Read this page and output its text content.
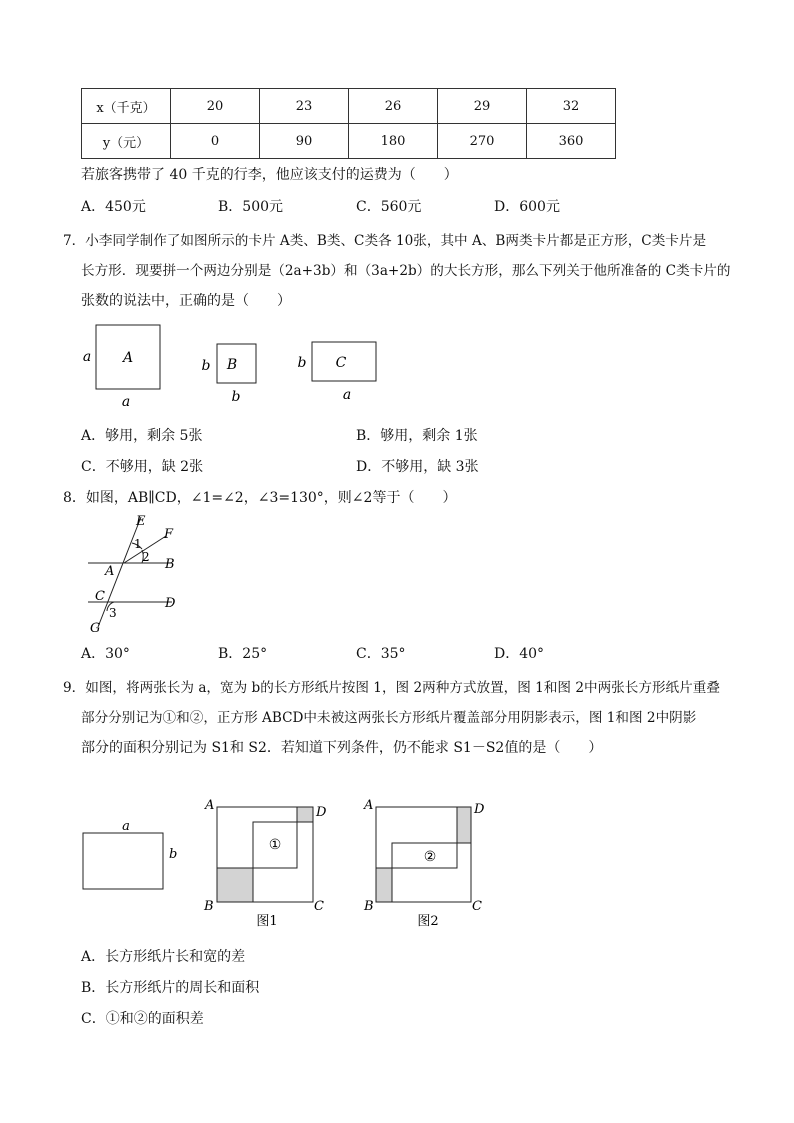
x（千克）	20	23	26	29	32
y（元）	0	90	180	270	360
若旅客携带了 40 千克的行李，他应该支付的运费为（　　）
A．450元	B．500元	C．560元	D．600元
7．小李同学制作了如图所示的卡片 A类、B类、C类各 10张，其中 A、B两类卡片都是正方形，C类卡片是
长方形．现要拼一个两边分别是（2a+3b）和（3a+2b）的大长方形，那么下列关于他所准备的 C类卡片的
张数的说法中，正确的是（　　）
A
a
a
B
b
b
C
b
a
A．够用，剩余 5张	B．够用，剩余 1张
C．不够用，缺 2张	D．不够用，缺 3张
8．如图，AB∥CD，∠1=∠2，∠3=130°，则∠2等于（　　）
E
F
1
2 B
A
C	D
3
G
A．30°	B．25°	C．35°	D．40°
9．如图，将两张长为 a，宽为 b的长方形纸片按图 1，图 2两种方式放置，图 1和图 2中两张长方形纸片重叠
部分分别记为①和②，正方形 ABCD中未被这两张长方形纸片覆盖部分用阴影表示，图 1和图 2中阴影
部分的面积分别记为 S1和 S2．若知道下列条件，仍不能求 S1－S2值的是（　　）
a
b
①
A	D
B	C
图1
②
A	D
B	C
图2
A．长方形纸片长和宽的差
B．长方形纸片的周长和面积
C．①和②的面积差
